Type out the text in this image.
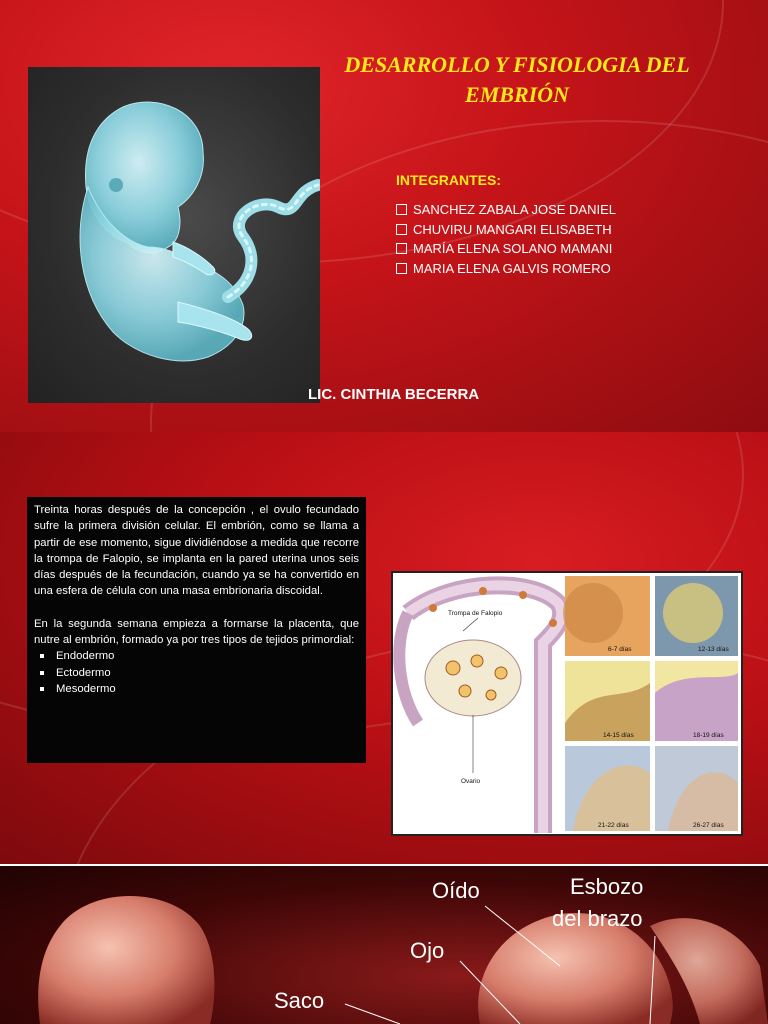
DESARROLLO Y FISIOLOGIA DEL EMBRIÓN
INTEGRANTES:
SANCHEZ ZABALA JOSE DANIEL
CHUVIRU MANGARI ELISABETH
MARÍA ELENA SOLANO MAMANI
MARIA ELENA GALVIS ROMERO
LIC. CINTHIA BECERRA

Treinta horas después de la concepción , el ovulo fecundado sufre la primera división celular. El embrión, como se llama a partir de ese momento, sigue dividiéndose a medida que recorre la trompa de Falopio, se implanta en la pared uterina unos seis días después de la fecundación, cuando ya se ha convertido en una esfera de célula con una masa embrionaria discoidal.

En la segunda semana empieza a formarse la placenta, que nutre al embrión, formado ya por tres tipos de tejidos primordial:

Endodermo
Ectodermo
Mesodermo
Trompa de Falopio
Ovario
6-7 días	12-13 días
14-15 días	18-19 días
21-22 días	26-27 días
Oído	Esbozo
del brazo
Ojo
Saco
